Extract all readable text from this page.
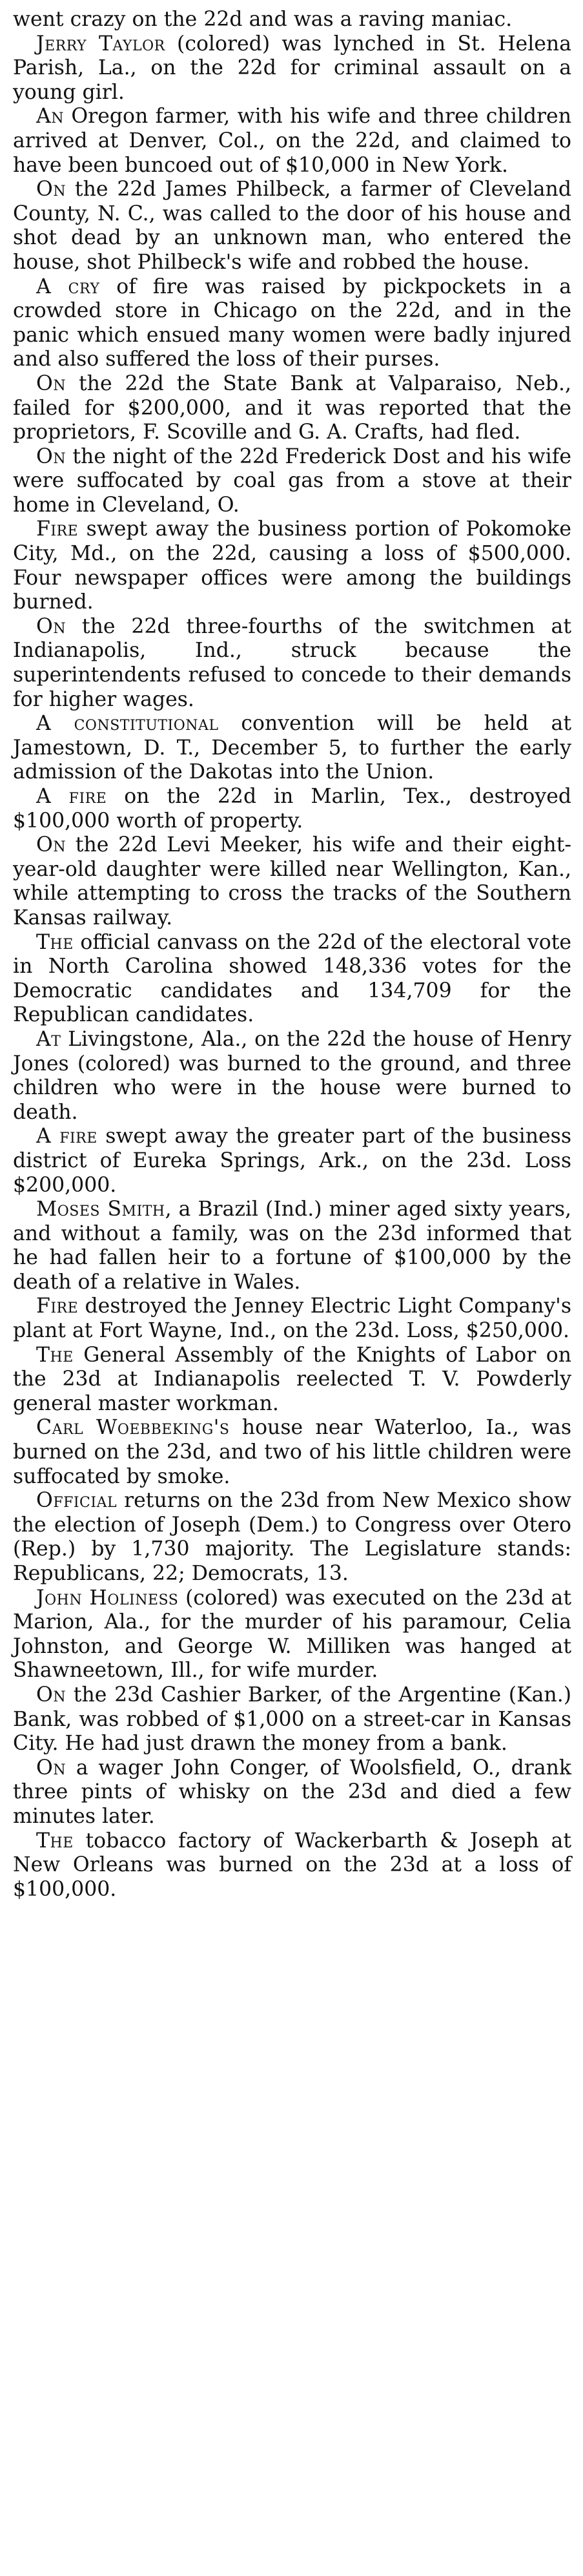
went crazy on the 22d and was a raving maniac.

Jerry Taylor (colored) was lynched in St. Helena Parish, La., on the 22d for criminal assault on a young girl.

An Oregon farmer, with his wife and three children arrived at Denver, Col., on the 22d, and claimed to have been buncoed out of $10,000 in New York.

On the 22d James Philbeck, a farmer of Cleveland County, N. C., was called to the door of his house and shot dead by an unknown man, who entered the house, shot Philbeck's wife and robbed the house.

A cry of fire was raised by pickpockets in a crowded store in Chicago on the 22d, and in the panic which ensued many women were badly injured and also suffered the loss of their purses.

On the 22d the State Bank at Valparaiso, Neb., failed for $200,000, and it was reported that the proprietors, F. Scoville and G. A. Crafts, had fled.

On the night of the 22d Frederick Dost and his wife were suffocated by coal gas from a stove at their home in Cleveland, O.

Fire swept away the business portion of Pokomoke City, Md., on the 22d, causing a loss of $500,000. Four newspaper offices were among the buildings burned.

On the 22d three-fourths of the switchmen at Indianapolis, Ind., struck because the superintendents refused to concede to their demands for higher wages.

A constitutional convention will be held at Jamestown, D. T., December 5, to further the early admission of the Dakotas into the Union.

A fire on the 22d in Marlin, Tex., destroyed $100,000 worth of property.

On the 22d Levi Meeker, his wife and their eight-year-old daughter were killed near Wellington, Kan., while attempting to cross the tracks of the Southern Kansas railway.

The official canvass on the 22d of the electoral vote in North Carolina showed 148,336 votes for the Democratic candidates and 134,709 for the Republican candidates.

At Livingstone, Ala., on the 22d the house of Henry Jones (colored) was burned to the ground, and three children who were in the house were burned to death.

A fire swept away the greater part of the business district of Eureka Springs, Ark., on the 23d. Loss $200,000.

Moses Smith, a Brazil (Ind.) miner aged sixty years, and without a family, was on the 23d informed that he had fallen heir to a fortune of $100,000 by the death of a relative in Wales.

Fire destroyed the Jenney Electric Light Company's plant at Fort Wayne, Ind., on the 23d. Loss, $250,000.

The General Assembly of the Knights of Labor on the 23d at Indianapolis reelected T. V. Powderly general master workman.

Carl Woebbeking's house near Waterloo, Ia., was burned on the 23d, and two of his little children were suffocated by smoke.

Official returns on the 23d from New Mexico show the election of Joseph (Dem.) to Congress over Otero (Rep.) by 1,730 majority. The Legislature stands: Republicans, 22; Democrats, 13.

John Holiness (colored) was executed on the 23d at Marion, Ala., for the murder of his paramour, Celia Johnston, and George W. Milliken was hanged at Shawneetown, Ill., for wife murder.

On the 23d Cashier Barker, of the Argentine (Kan.) Bank, was robbed of $1,000 on a street-car in Kansas City. He had just drawn the money from a bank.

On a wager John Conger, of Woolsfield, O., drank three pints of whisky on the 23d and died a few minutes later.

The tobacco factory of Wackerbarth & Joseph at New Orleans was burned on the 23d at a loss of $100,000.
